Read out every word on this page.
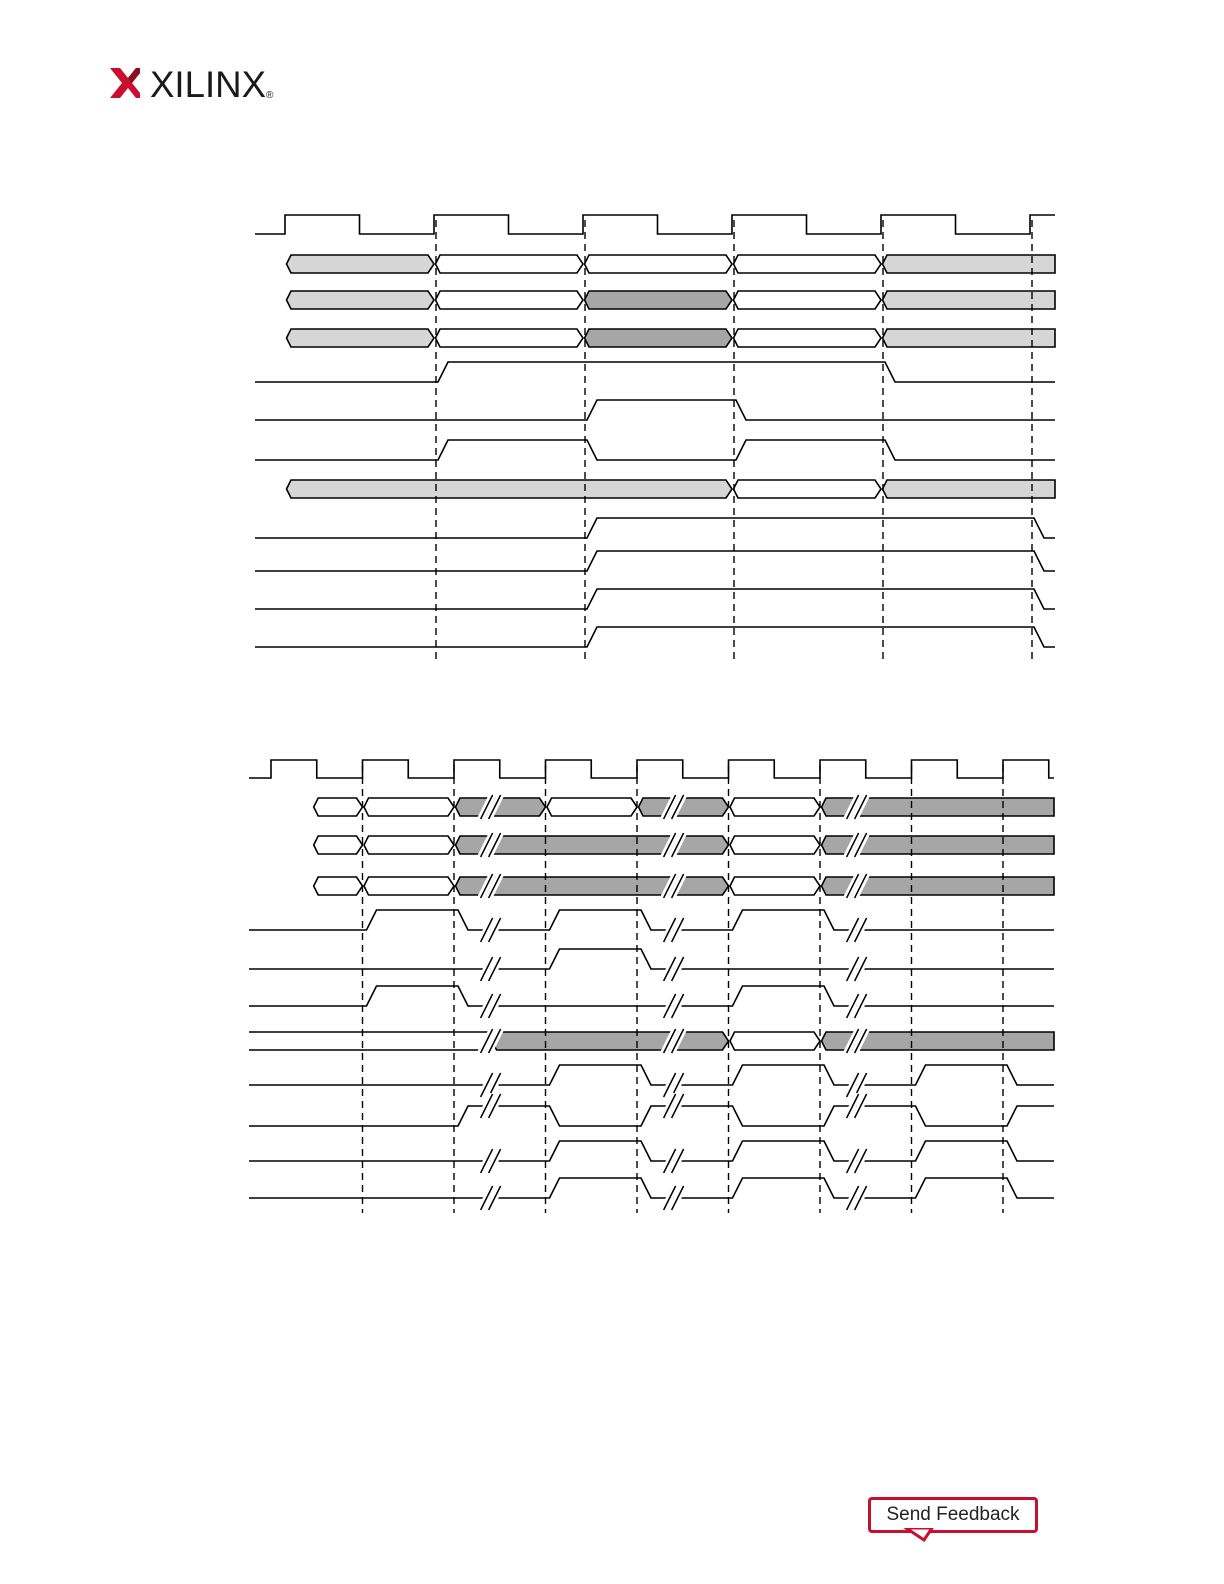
XILINX ®
Send Feedback
